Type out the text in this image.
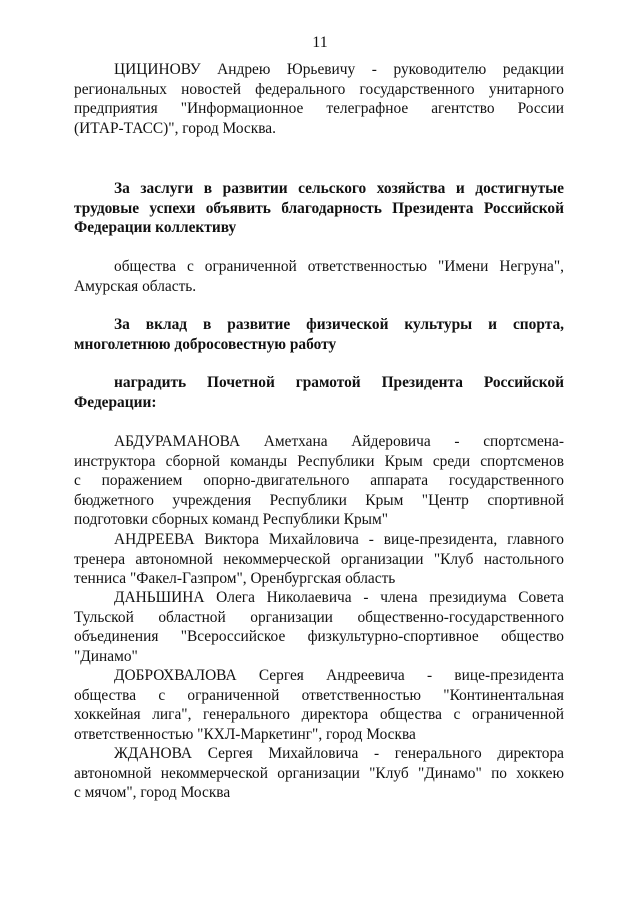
11
ЦИЦИНОВУ Андрею Юрьевичу - руководителю редакции
региональных новостей федерального государственного унитарного
предприятия "Информационное телеграфное агентство России
(ИТАР-ТАСС)", город Москва.
За заслуги в развитии сельского хозяйства и достигнутые
трудовые успехи объявить благодарность Президента Российской
Федерации коллективу
общества с ограниченной ответственностью "Имени Негруна",
Амурская область.
За вклад в развитие физической культуры и спорта,
многолетнюю добросовестную работу
наградить Почетной грамотой Президента Российской
Федерации:
АБДУРАМАНОВА Аметхана Айдеровича - спортсмена-
инструктора сборной команды Республики Крым среди спортсменов
с поражением опорно-двигательного аппарата государственного
бюджетного учреждения Республики Крым "Центр спортивной
подготовки сборных команд Республики Крым"
АНДРЕЕВА Виктора Михайловича - вице-президента, главного
тренера автономной некоммерческой организации "Клуб настольного
тенниса "Факел-Газпром", Оренбургская область
ДАНЬШИНА Олега Николаевича - члена президиума Совета
Тульской областной организации общественно-государственного
объединения "Всероссийское физкультурно-спортивное общество
"Динамо"
ДОБРОХВАЛОВА Сергея Андреевича - вице-президента
общества с ограниченной ответственностью "Континентальная
хоккейная лига", генерального директора общества с ограниченной
ответственностью "КХЛ-Маркетинг", город Москва
ЖДАНОВА Сергея Михайловича - генерального директора
автономной некоммерческой организации "Клуб "Динамо" по хоккею
с мячом", город Москва
